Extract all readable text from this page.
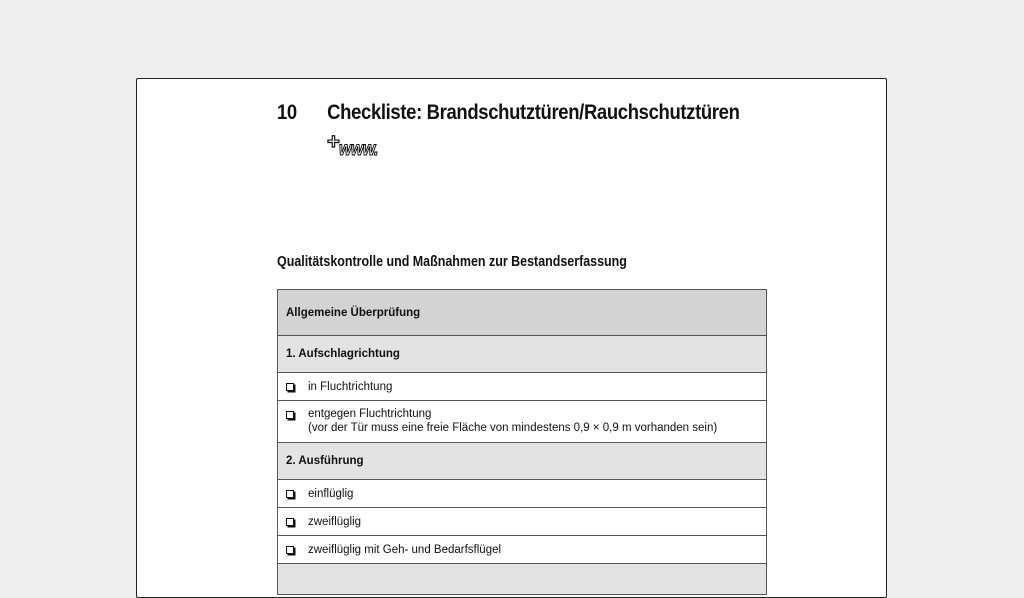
10 Checkliste: Brandschutztüren/Rauchschutztüren
+ www.
Qualitätskontrolle und Maßnahmen zur Bestandserfassung
Allgemeine Überprüfung
1. Aufschlagrichtung
in Fluchtrichtung
entgegen Fluchtrichtung
(vor der Tür muss eine freie Fläche von mindestens 0,9 × 0,9 m vorhanden sein)
2. Ausführung
einflüglig
zweiflüglig
zweiflüglig mit Geh- und Bedarfsflügel
